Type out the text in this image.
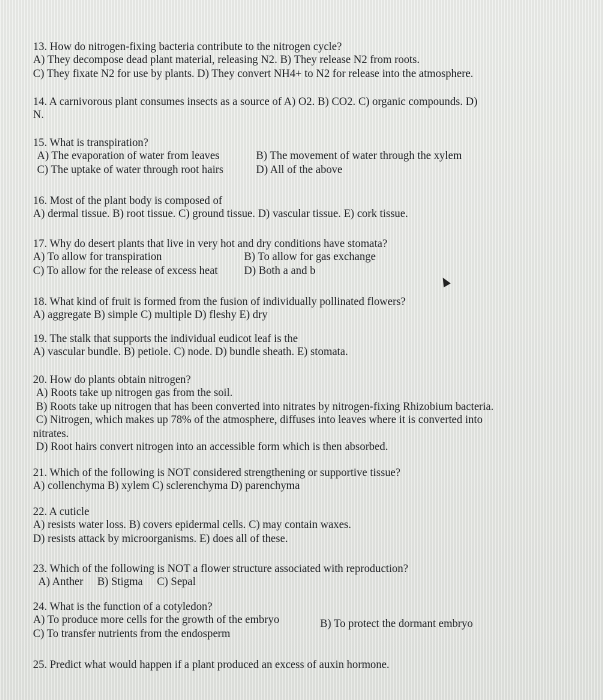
13. How do nitrogen-fixing bacteria contribute to the nitrogen cycle?
A) They decompose dead plant material, releasing N2. B) They release N2 from roots.
C) They fixate N2 for use by plants. D) They convert NH4+ to N2 for release into the atmosphere.
14. A carnivorous plant consumes insects as a source of A) O2. B) CO2. C) organic compounds. D)
N.
15. What is transpiration?
A) The evaporation of water from leaves	B) The movement of water through the xylem
C) The uptake of water through root hairs	D) All of the above
16. Most of the plant body is composed of
A) dermal tissue. B) root tissue. C) ground tissue. D) vascular tissue. E) cork tissue.
17. Why do desert plants that live in very hot and dry conditions have stomata?
A) To allow for transpiration	B) To allow for gas exchange
C) To allow for the release of excess heat D) Both a and b
18. What kind of fruit is formed from the fusion of individually pollinated flowers?
A) aggregate B) simple C) multiple D) fleshy E) dry
19. The stalk that supports the individual eudicot leaf is the
A) vascular bundle. B) petiole. C) node. D) bundle sheath. E) stomata.
20. How do plants obtain nitrogen?
A) Roots take up nitrogen gas from the soil.
B) Roots take up nitrogen that has been converted into nitrates by nitrogen-fixing Rhizobium bacteria.
C) Nitrogen, which makes up 78% of the atmosphere, diffuses into leaves where it is converted into
nitrates.
D) Root hairs convert nitrogen into an accessible form which is then absorbed.
21. Which of the following is NOT considered strengthening or supportive tissue?
A) collenchyma B) xylem C) sclerenchyma D) parenchyma
22. A cuticle
A) resists water loss. B) covers epidermal cells. C) may contain waxes.
D) resists attack by microorganisms. E) does all of these.
23. Which of the following is NOT a flower structure associated with reproduction?
A) Anther     B) Stigma     C) Sepal
24. What is the function of a cotyledon?
A) To produce more cells for the growth of the embryo	B) To protect the dormant embryo
C) To transfer nutrients from the endosperm
25. Predict what would happen if a plant produced an excess of auxin hormone.
